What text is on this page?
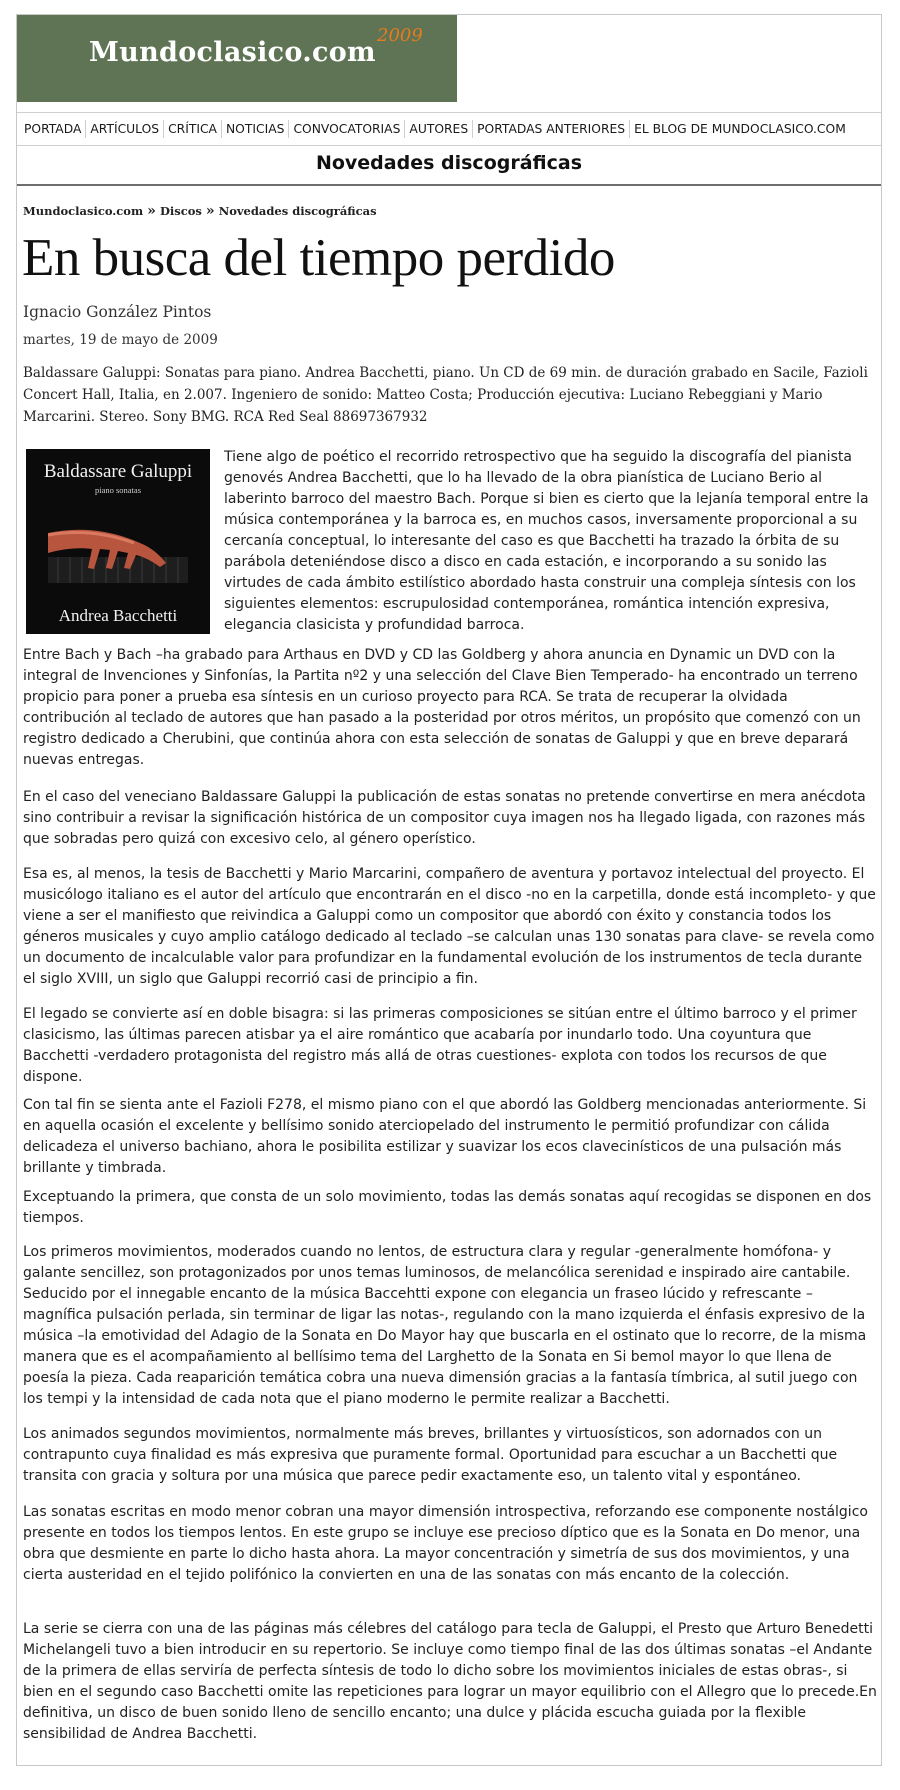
Mundoclasico.com
2009
PORTADA ARTÍCULOS CRÍTICA NOTICIAS CONVOCATORIAS AUTORES PORTADAS ANTERIORES EL BLOG DE MUNDOCLASICO.COM
Novedades discográficas
Mundoclasico.com » Discos » Novedades discográficas
En busca del tiempo perdido
Ignacio González Pintos
martes, 19 de mayo de 2009

Baldassare Galuppi: Sonatas para piano. Andrea Bacchetti, piano. Un CD de 69 min. de duración grabado en Sacile, Fazioli Concert Hall, Italia, en 2.007. Ingeniero de sonido: Matteo Costa; Producción ejecutiva: Luciano Rebeggiani y Mario Marcarini. Stereo. Sony BMG. RCA Red Seal 88697367932

Baldassare Galuppi
piano sonatas
Andrea Bacchetti

Tiene algo de poético el recorrido retrospectivo que ha seguido la discografía del pianista genovés Andrea Bacchetti, que lo ha llevado de la obra pianística de Luciano Berio al laberinto barroco del maestro Bach. Porque si bien es cierto que la lejanía temporal entre la música contemporánea y la barroca es, en muchos casos, inversamente proporcional a su cercanía conceptual, lo interesante del caso es que Bacchetti ha trazado la órbita de su parábola deteniéndose disco a disco en cada estación, e incorporando a su sonido las virtudes de cada ámbito estilístico abordado hasta construir una compleja síntesis con los siguientes elementos: escrupulosidad contemporánea, romántica intención expresiva, elegancia clasicista y profundidad barroca.

Entre Bach y Bach –ha grabado para Arthaus en DVD y CD las Goldberg y ahora anuncia en Dynamic un DVD con la integral de Invenciones y Sinfonías, la Partita nº2 y una selección del Clave Bien Temperado- ha encontrado un terreno propicio para poner a prueba esa síntesis en un curioso proyecto para RCA. Se trata de recuperar la olvidada contribución al teclado de autores que han pasado a la posteridad por otros méritos, un propósito que comenzó con un registro dedicado a Cherubini, que continúa ahora con esta selección de sonatas de Galuppi y que en breve deparará nuevas entregas.

En el caso del veneciano Baldassare Galuppi la publicación de estas sonatas no pretende convertirse en mera anécdota sino contribuir a revisar la significación histórica de un compositor cuya imagen nos ha llegado ligada, con razones más que sobradas pero quizá con excesivo celo, al género operístico.

Esa es, al menos, la tesis de Bacchetti y Mario Marcarini, compañero de aventura y portavoz intelectual del proyecto. El musicólogo italiano es el autor del artículo que encontrarán en el disco -no en la carpetilla, donde está incompleto- y que viene a ser el manifiesto que reivindica a Galuppi como un compositor que abordó con éxito y constancia todos los géneros musicales y cuyo amplio catálogo dedicado al teclado –se calculan unas 130 sonatas para clave- se revela como un documento de incalculable valor para profundizar en la fundamental evolución de los instrumentos de tecla durante el siglo XVIII, un siglo que Galuppi recorrió casi de principio a fin.

El legado se convierte así en doble bisagra: si las primeras composiciones se sitúan entre el último barroco y el primer clasicismo, las últimas parecen atisbar ya el aire romántico que acabaría por inundarlo todo. Una coyuntura que Bacchetti -verdadero protagonista del registro más allá de otras cuestiones- explota con todos los recursos de que dispone.

Con tal fin se sienta ante el Fazioli F278, el mismo piano con el que abordó las Goldberg mencionadas anteriormente. Si en aquella ocasión el excelente y bellísimo sonido aterciopelado del instrumento le permitió profundizar con cálida delicadeza el universo bachiano, ahora le posibilita estilizar y suavizar los ecos clavecinísticos de una pulsación más brillante y timbrada.

Exceptuando la primera, que consta de un solo movimiento, todas las demás sonatas aquí recogidas se disponen en dos tiempos.

Los primeros movimientos, moderados cuando no lentos, de estructura clara y regular -generalmente homófona- y galante sencillez, son protagonizados por unos temas luminosos, de melancólica serenidad e inspirado aire cantabile. Seducido por el innegable encanto de la música Baccehtti expone con elegancia un fraseo lúcido y refrescante –magnífica pulsación perlada, sin terminar de ligar las notas-, regulando con la mano izquierda el énfasis expresivo de la música –la emotividad del Adagio de la Sonata en Do Mayor hay que buscarla en el ostinato que lo recorre, de la misma manera que es el acompañamiento al bellísimo tema del Larghetto de la Sonata en Si bemol mayor lo que llena de poesía la pieza. Cada reaparición temática cobra una nueva dimensión gracias a la fantasía tímbrica, al sutil juego con los tempi y la intensidad de cada nota que el piano moderno le permite realizar a Bacchetti.

Los animados segundos movimientos, normalmente más breves, brillantes y virtuosísticos, son adornados con un contrapunto cuya finalidad es más expresiva que puramente formal. Oportunidad para escuchar a un Bacchetti que transita con gracia y soltura por una música que parece pedir exactamente eso, un talento vital y espontáneo.

Las sonatas escritas en modo menor cobran una mayor dimensión introspectiva, reforzando ese componente nostálgico presente en todos los tiempos lentos. En este grupo se incluye ese precioso díptico que es la Sonata en Do menor, una obra que desmiente en parte lo dicho hasta ahora. La mayor concentración y simetría de sus dos movimientos, y una cierta austeridad en el tejido polifónico la convierten en una de las sonatas con más encanto de la colección.

La serie se cierra con una de las páginas más célebres del catálogo para tecla de Galuppi, el Presto que Arturo Benedetti Michelangeli tuvo a bien introducir en su repertorio. Se incluye como tiempo final de las dos últimas sonatas –el Andante de la primera de ellas serviría de perfecta síntesis de todo lo dicho sobre los movimientos iniciales de estas obras-, si bien en el segundo caso Bacchetti omite las repeticiones para lograr un mayor equilibrio con el Allegro que lo precede.En definitiva, un disco de buen sonido lleno de sencillo encanto; una dulce y plácida escucha guiada por la flexible sensibilidad de Andrea Bacchetti.
